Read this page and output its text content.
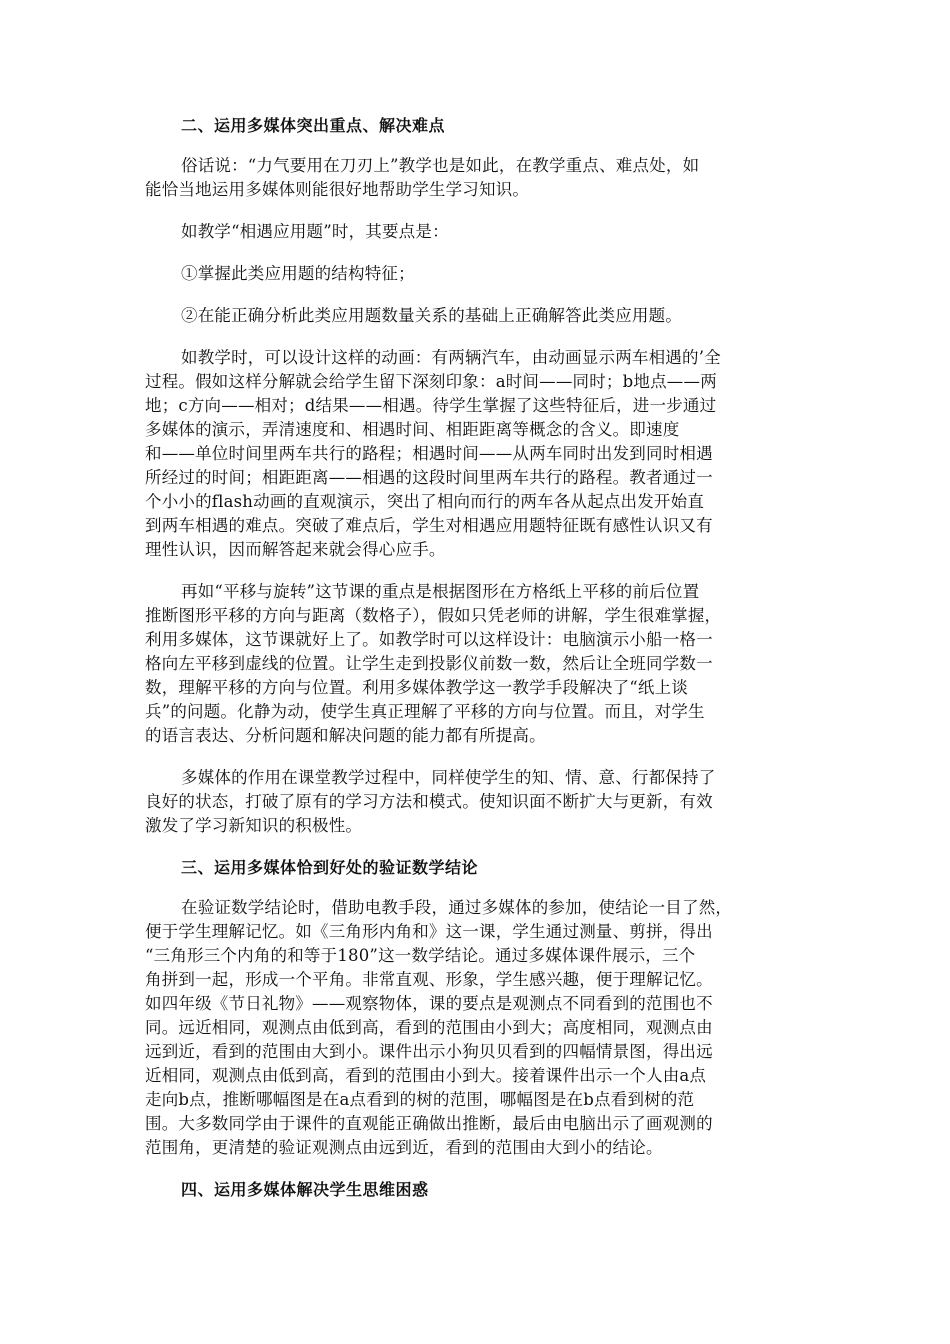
二、运用多媒体突出重点、解决难点
俗话说：“力气要用在刀刃上”教学也是如此，在教学重点、难点处，如
能恰当地运用多媒体则能很好地帮助学生学习知识。
如教学“相遇应用题”时，其要点是：
①掌握此类应用题的结构特征；
②在能正确分析此类应用题数量关系的基础上正确解答此类应用题。
如教学时，可以设计这样的动画：有两辆汽车，由动画显示两车相遇的’全
过程。假如这样分解就会给学生留下深刻印象：a时间——同时；b地点——两
地；c方向——相对；d结果——相遇。待学生掌握了这些特征后，进一步通过
多媒体的演示，弄清速度和、相遇时间、相距距离等概念的含义。即速度
和——单位时间里两车共行的路程；相遇时间——从两车同时出发到同时相遇
所经过的时间；相距距离——相遇的这段时间里两车共行的路程。教者通过一
个小小的flash动画的直观演示，突出了相向而行的两车各从起点出发开始直
到两车相遇的难点。突破了难点后，学生对相遇应用题特征既有感性认识又有
理性认识，因而解答起来就会得心应手。
再如“平移与旋转”这节课的重点是根据图形在方格纸上平移的前后位置
推断图形平移的方向与距离（数格子），假如只凭老师的讲解，学生很难掌握，
利用多媒体，这节课就好上了。如教学时可以这样设计：电脑演示小船一格一
格向左平移到虚线的位置。让学生走到投影仪前数一数，然后让全班同学数一
数，理解平移的方向与位置。利用多媒体教学这一教学手段解决了“纸上谈
兵”的问题。化静为动，使学生真正理解了平移的方向与位置。而且，对学生
的语言表达、分析问题和解决问题的能力都有所提高。
多媒体的作用在课堂教学过程中，同样使学生的知、情、意、行都保持了
良好的状态，打破了原有的学习方法和模式。使知识面不断扩大与更新，有效
激发了学习新知识的积极性。
三、运用多媒体恰到好处的验证数学结论
在验证数学结论时，借助电教手段，通过多媒体的参加，使结论一目了然，
便于学生理解记忆。如《三角形内角和》这一课，学生通过测量、剪拼，得出
“三角形三个内角的和等于180”这一数学结论。通过多媒体课件展示，三个
角拼到一起，形成一个平角。非常直观、形象，学生感兴趣，便于理解记忆。
如四年级《节日礼物》——观察物体，课的要点是观测点不同看到的范围也不
同。远近相同，观测点由低到高，看到的范围由小到大；高度相同，观测点由
远到近，看到的范围由大到小。课件出示小狗贝贝看到的四幅情景图，得出远
近相同，观测点由低到高，看到的范围由小到大。接着课件出示一个人由a点
走向b点，推断哪幅图是在a点看到的树的范围，哪幅图是在b点看到树的范
围。大多数同学由于课件的直观能正确做出推断，最后由电脑出示了画观测的
范围角，更清楚的验证观测点由远到近，看到的范围由大到小的结论。
四、运用多媒体解决学生思维困惑
